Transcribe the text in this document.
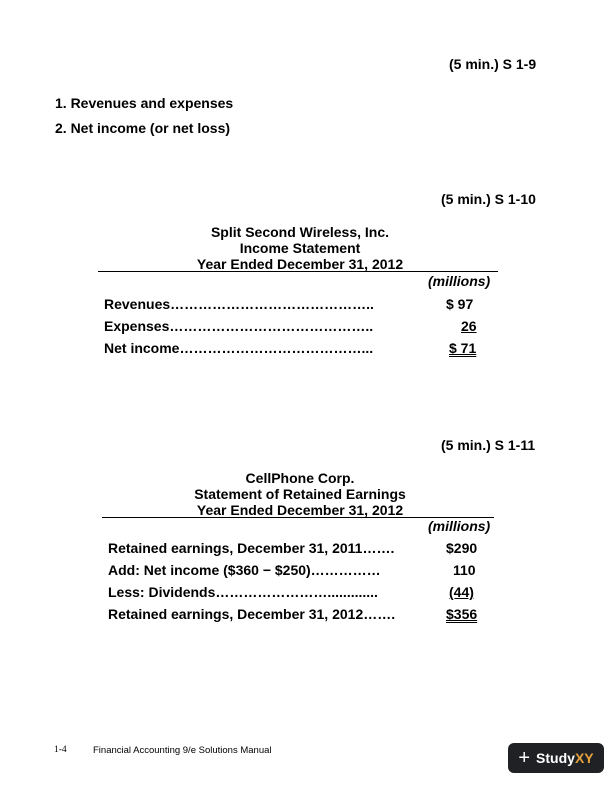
(5 min.) S 1-9
1. Revenues and expenses
2. Net income (or net loss)
(5 min.) S 1-10
Split Second Wireless, Inc.
Income Statement
Year Ended December 31, 2012
(millions)
Revenues……………………………………..	$ 97
Expenses……………………………………..	26
Net income…………………………………...	$ 71
(5 min.) S 1-11
CellPhone Corp.
Statement of Retained Earnings
Year Ended December 31, 2012
(millions)
Retained earnings, December 31, 2011…….	$290
Add: Net income ($360 − $250)……………	110
Less: Dividends…………………….............	(44)
Retained earnings, December 31, 2012…….	$356
1-4	Financial Accounting 9/e Solutions Manual	+ Study XY
